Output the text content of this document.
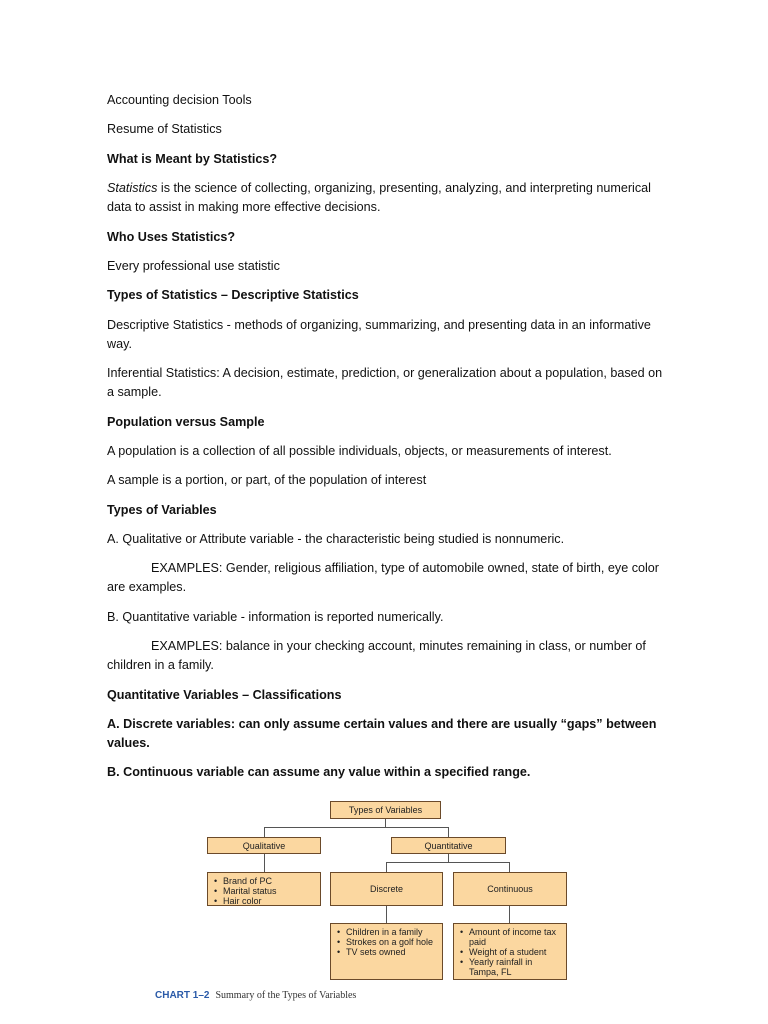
Accounting decision Tools

Resume of Statistics

What is Meant by Statistics?

Statistics is the science of collecting, organizing, presenting, analyzing, and interpreting numerical data to assist in making more effective decisions.

Who Uses Statistics?

Every professional use statistic

Types of Statistics – Descriptive Statistics

Descriptive Statistics - methods of organizing, summarizing, and presenting data in an informative way.

Inferential Statistics: A decision, estimate, prediction, or generalization about a population, based on a sample.

Population versus Sample

A population is a collection of all possible individuals, objects, or measurements of interest.

A sample is a portion, or part, of the population of interest

Types of Variables

A. Qualitative or Attribute variable - the characteristic being studied is nonnumeric.

EXAMPLES: Gender, religious affiliation, type of automobile owned, state of birth, eye color are examples.

B. Quantitative variable - information is reported numerically.

EXAMPLES: balance in your checking account, minutes remaining in class, or number of children in a family.

Quantitative Variables – Classifications

A. Discrete variables: can only assume certain values and there are usually “gaps” between values.

B. Continuous variable can assume any value within a specified range.

Types of Variables
Qualitative	Quantitative
Discrete	Continuous
• Brand of PC
• Marital status
• Hair color
• Children in a family
• Strokes on a golf hole
• TV sets owned
• Amount of income tax paid
• Weight of a student
• Yearly rainfall in Tampa, FL
CHART 1–2 Summary of the Types of Variables
